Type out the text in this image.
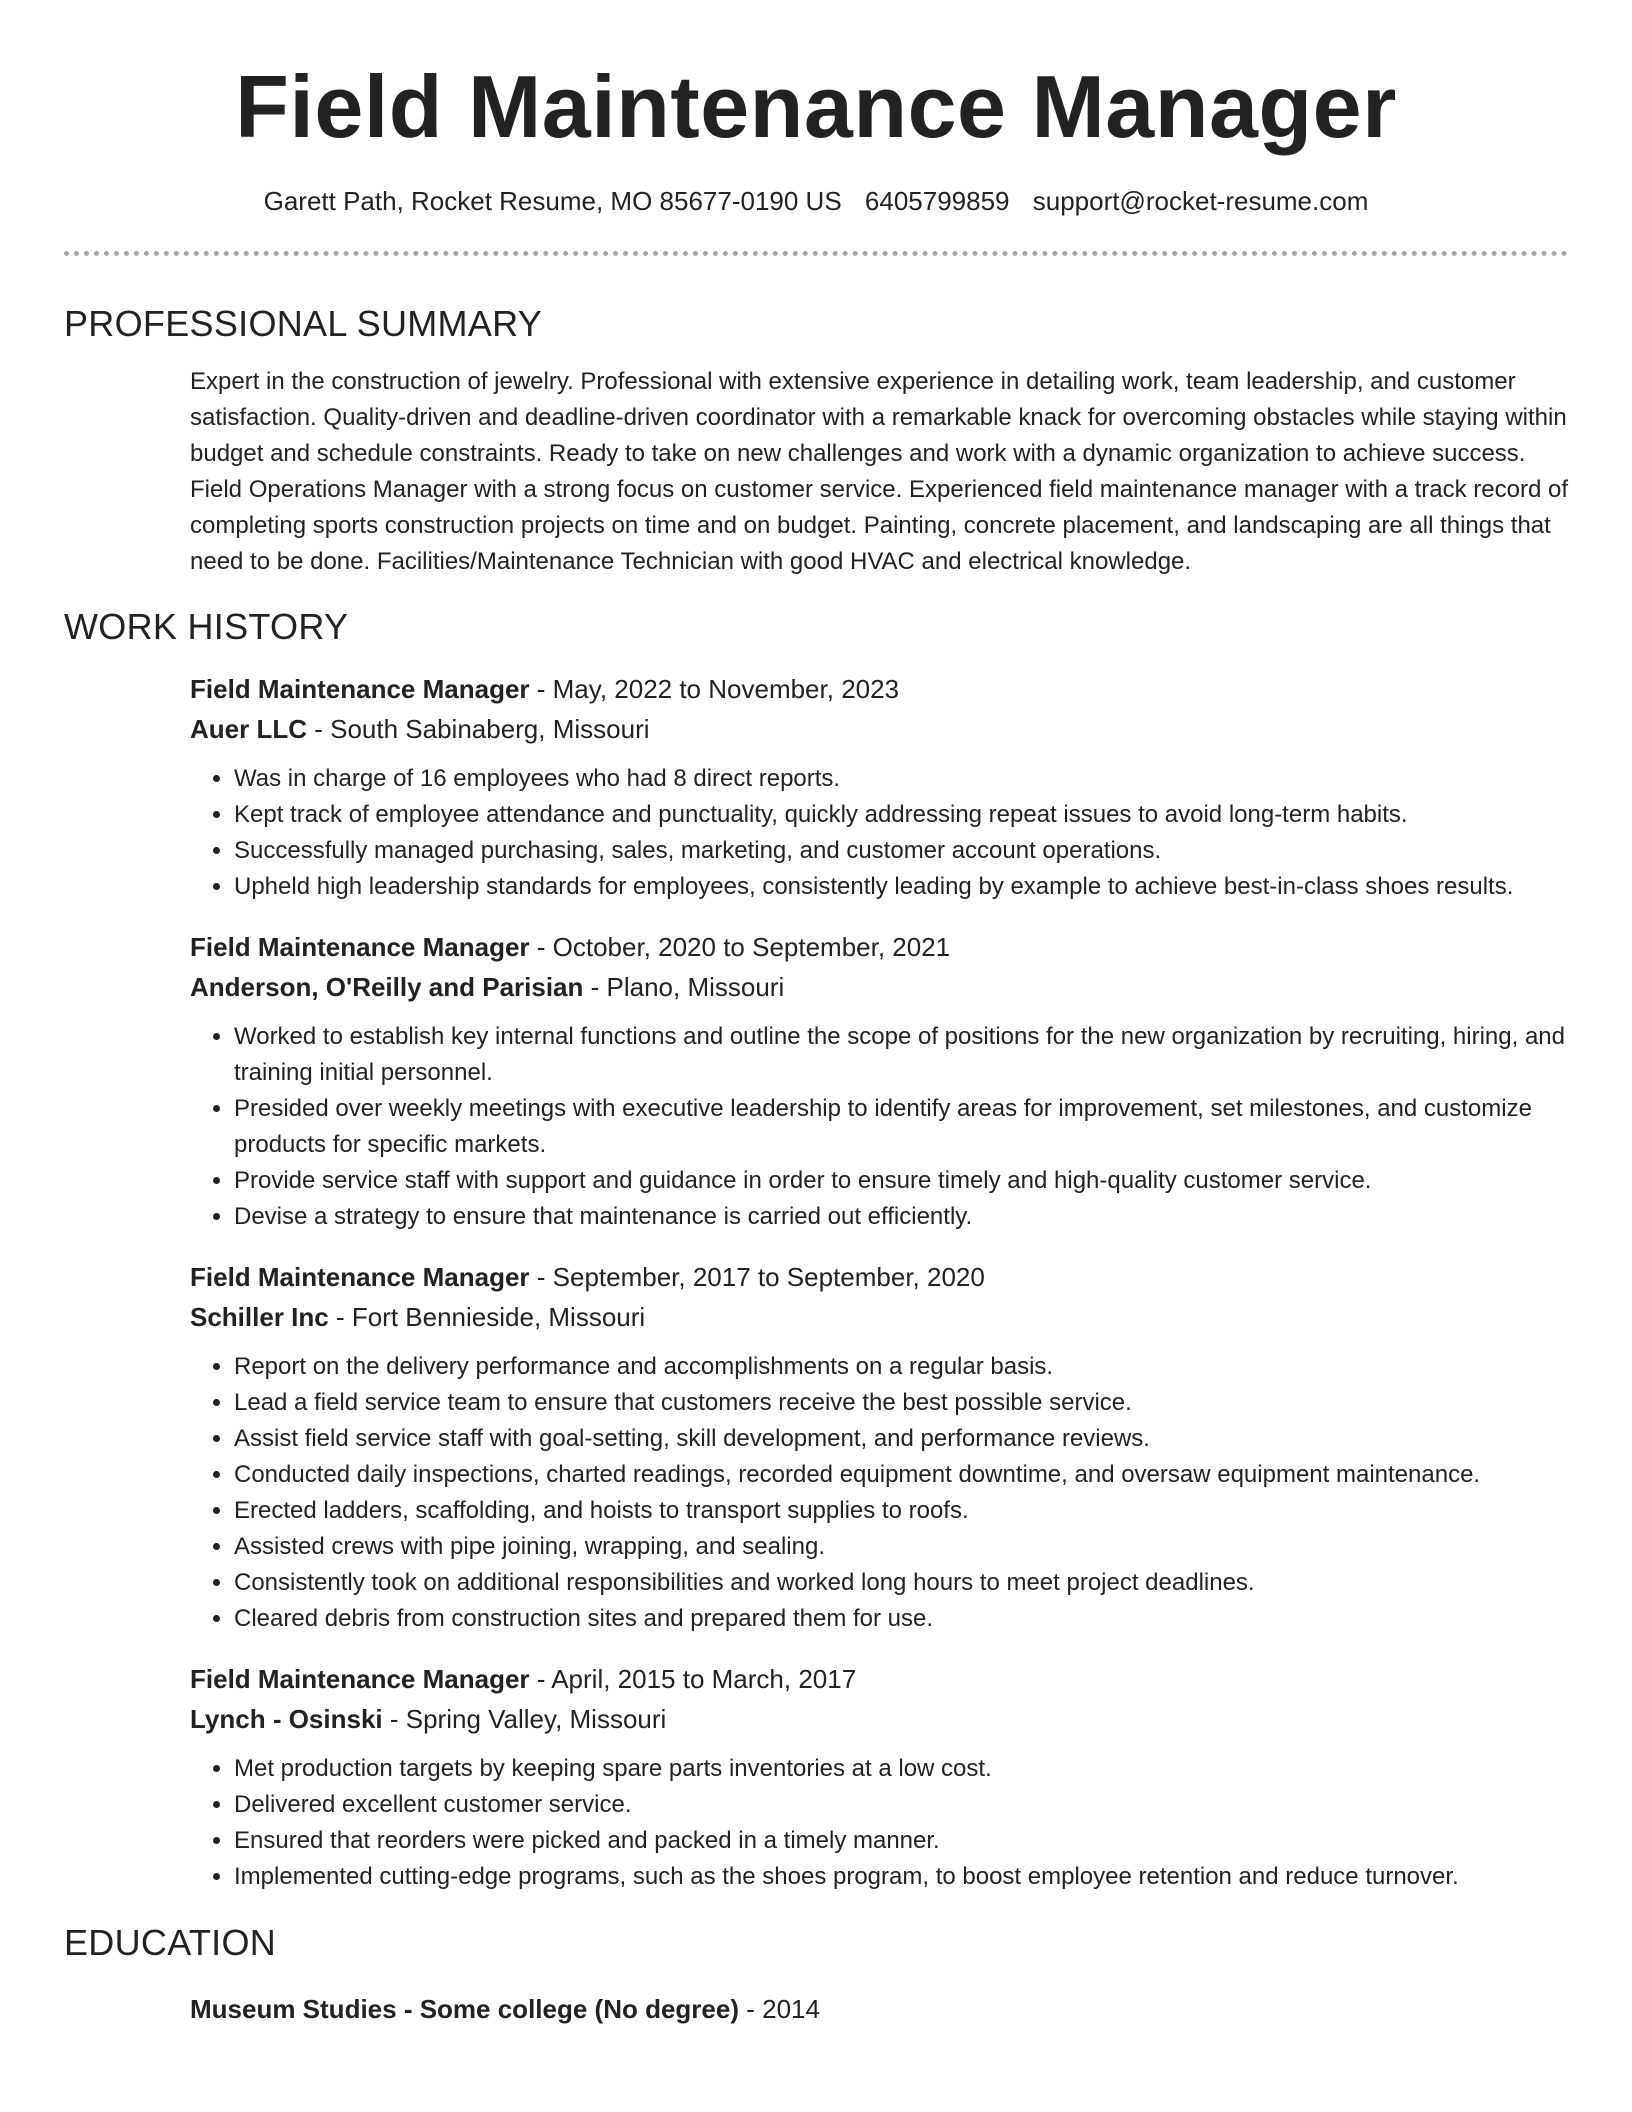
Field Maintenance Manager
Garett Path, Rocket Resume, MO 85677-0190 US 6405799859 support@rocket-resume.com
PROFESSIONAL SUMMARY
Expert in the construction of jewelry. Professional with extensive experience in detailing work, team leadership, and customer satisfaction. Quality-driven and deadline-driven coordinator with a remarkable knack for overcoming obstacles while staying within budget and schedule constraints. Ready to take on new challenges and work with a dynamic organization to achieve success. Field Operations Manager with a strong focus on customer service. Experienced field maintenance manager with a track record of completing sports construction projects on time and on budget. Painting, concrete placement, and landscaping are all things that need to be done. Facilities/Maintenance Technician with good HVAC and electrical knowledge.
WORK HISTORY
Field Maintenance Manager - May, 2022 to November, 2023
Auer LLC - South Sabinaberg, Missouri
• Was in charge of 16 employees who had 8 direct reports.
• Kept track of employee attendance and punctuality, quickly addressing repeat issues to avoid long-term habits.
• Successfully managed purchasing, sales, marketing, and customer account operations.
• Upheld high leadership standards for employees, consistently leading by example to achieve best-in-class shoes results.
Field Maintenance Manager - October, 2020 to September, 2021
Anderson, O'Reilly and Parisian - Plano, Missouri
• Worked to establish key internal functions and outline the scope of positions for the new organization by recruiting, hiring, and training initial personnel.
• Presided over weekly meetings with executive leadership to identify areas for improvement, set milestones, and customize products for specific markets.
• Provide service staff with support and guidance in order to ensure timely and high-quality customer service.
• Devise a strategy to ensure that maintenance is carried out efficiently.
Field Maintenance Manager - September, 2017 to September, 2020
Schiller Inc - Fort Bennieside, Missouri
• Report on the delivery performance and accomplishments on a regular basis.
• Lead a field service team to ensure that customers receive the best possible service.
• Assist field service staff with goal-setting, skill development, and performance reviews.
• Conducted daily inspections, charted readings, recorded equipment downtime, and oversaw equipment maintenance.
• Erected ladders, scaffolding, and hoists to transport supplies to roofs.
• Assisted crews with pipe joining, wrapping, and sealing.
• Consistently took on additional responsibilities and worked long hours to meet project deadlines.
• Cleared debris from construction sites and prepared them for use.
Field Maintenance Manager - April, 2015 to March, 2017
Lynch - Osinski - Spring Valley, Missouri
• Met production targets by keeping spare parts inventories at a low cost.
• Delivered excellent customer service.
• Ensured that reorders were picked and packed in a timely manner.
• Implemented cutting-edge programs, such as the shoes program, to boost employee retention and reduce turnover.
EDUCATION
Museum Studies - Some college (No degree) - 2014
